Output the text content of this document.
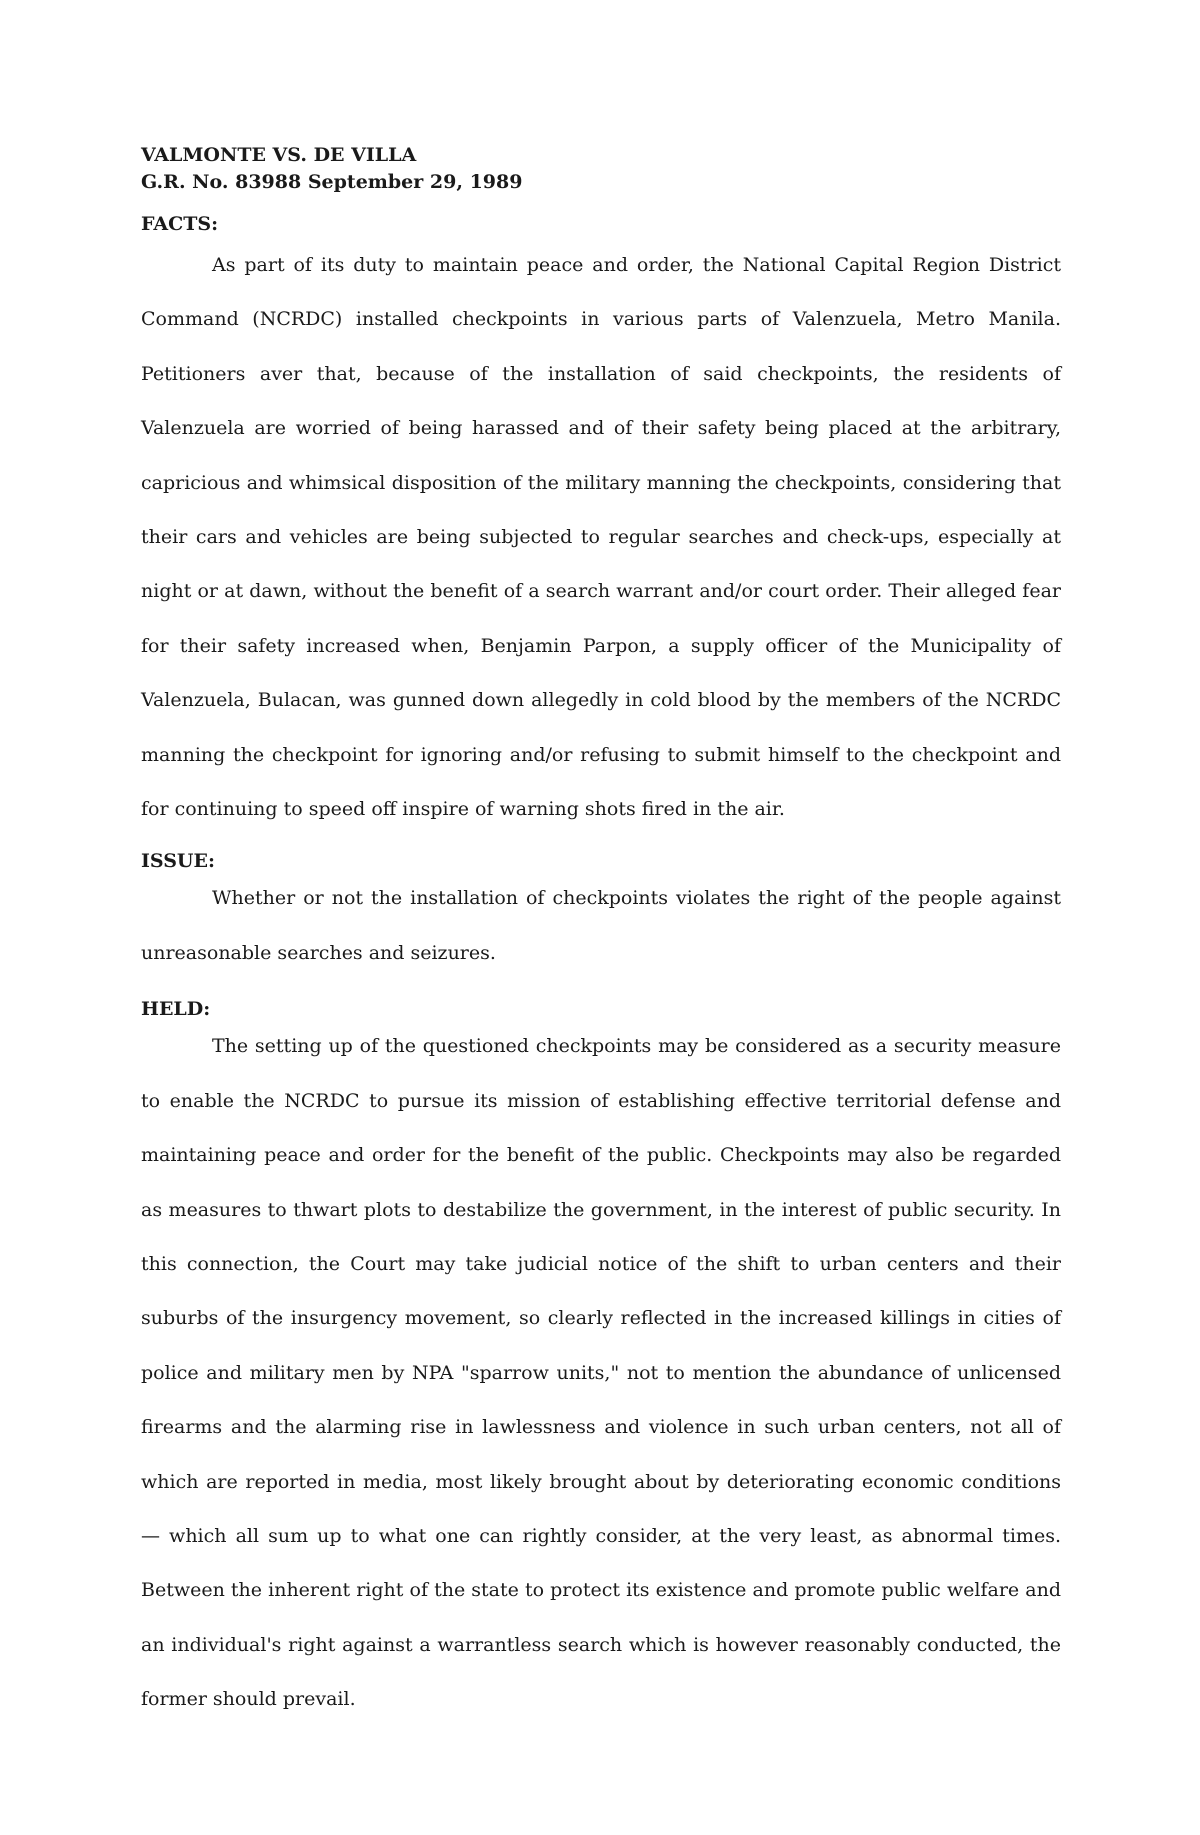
VALMONTE VS. DE VILLA
G.R. No. 83988 September 29, 1989
FACTS:

As part of its duty to maintain peace and order, the National Capital Region District Command (NCRDC) installed checkpoints in various parts of Valenzuela, Metro Manila. Petitioners aver that, because of the installation of said checkpoints, the residents of Valenzuela are worried of being harassed and of their safety being placed at the arbitrary, capricious and whimsical disposition of the military manning the checkpoints, considering that their cars and vehicles are being subjected to regular searches and check-ups, especially at night or at dawn, without the benefit of a search warrant and/or court order. Their alleged fear for their safety increased when, Benjamin Parpon, a supply officer of the Municipality of Valenzuela, Bulacan, was gunned down allegedly in cold blood by the members of the NCRDC manning the checkpoint for ignoring and/or refusing to submit himself to the checkpoint and for continuing to speed off inspire of warning shots fired in the air.

ISSUE:

Whether or not the installation of checkpoints violates the right of the people against unreasonable searches and seizures.

HELD:

The setting up of the questioned checkpoints may be considered as a security measure to enable the NCRDC to pursue its mission of establishing effective territorial defense and maintaining peace and order for the benefit of the public. Checkpoints may also be regarded as measures to thwart plots to destabilize the government, in the interest of public security. In this connection, the Court may take judicial notice of the shift to urban centers and their suburbs of the insurgency movement, so clearly reflected in the increased killings in cities of police and military men by NPA "sparrow units," not to mention the abundance of unlicensed firearms and the alarming rise in lawlessness and violence in such urban centers, not all of which are reported in media, most likely brought about by deteriorating economic conditions — which all sum up to what one can rightly consider, at the very least, as abnormal times. Between the inherent right of the state to protect its existence and promote public welfare and an individual's right against a warrantless search which is however reasonably conducted, the former should prevail.
